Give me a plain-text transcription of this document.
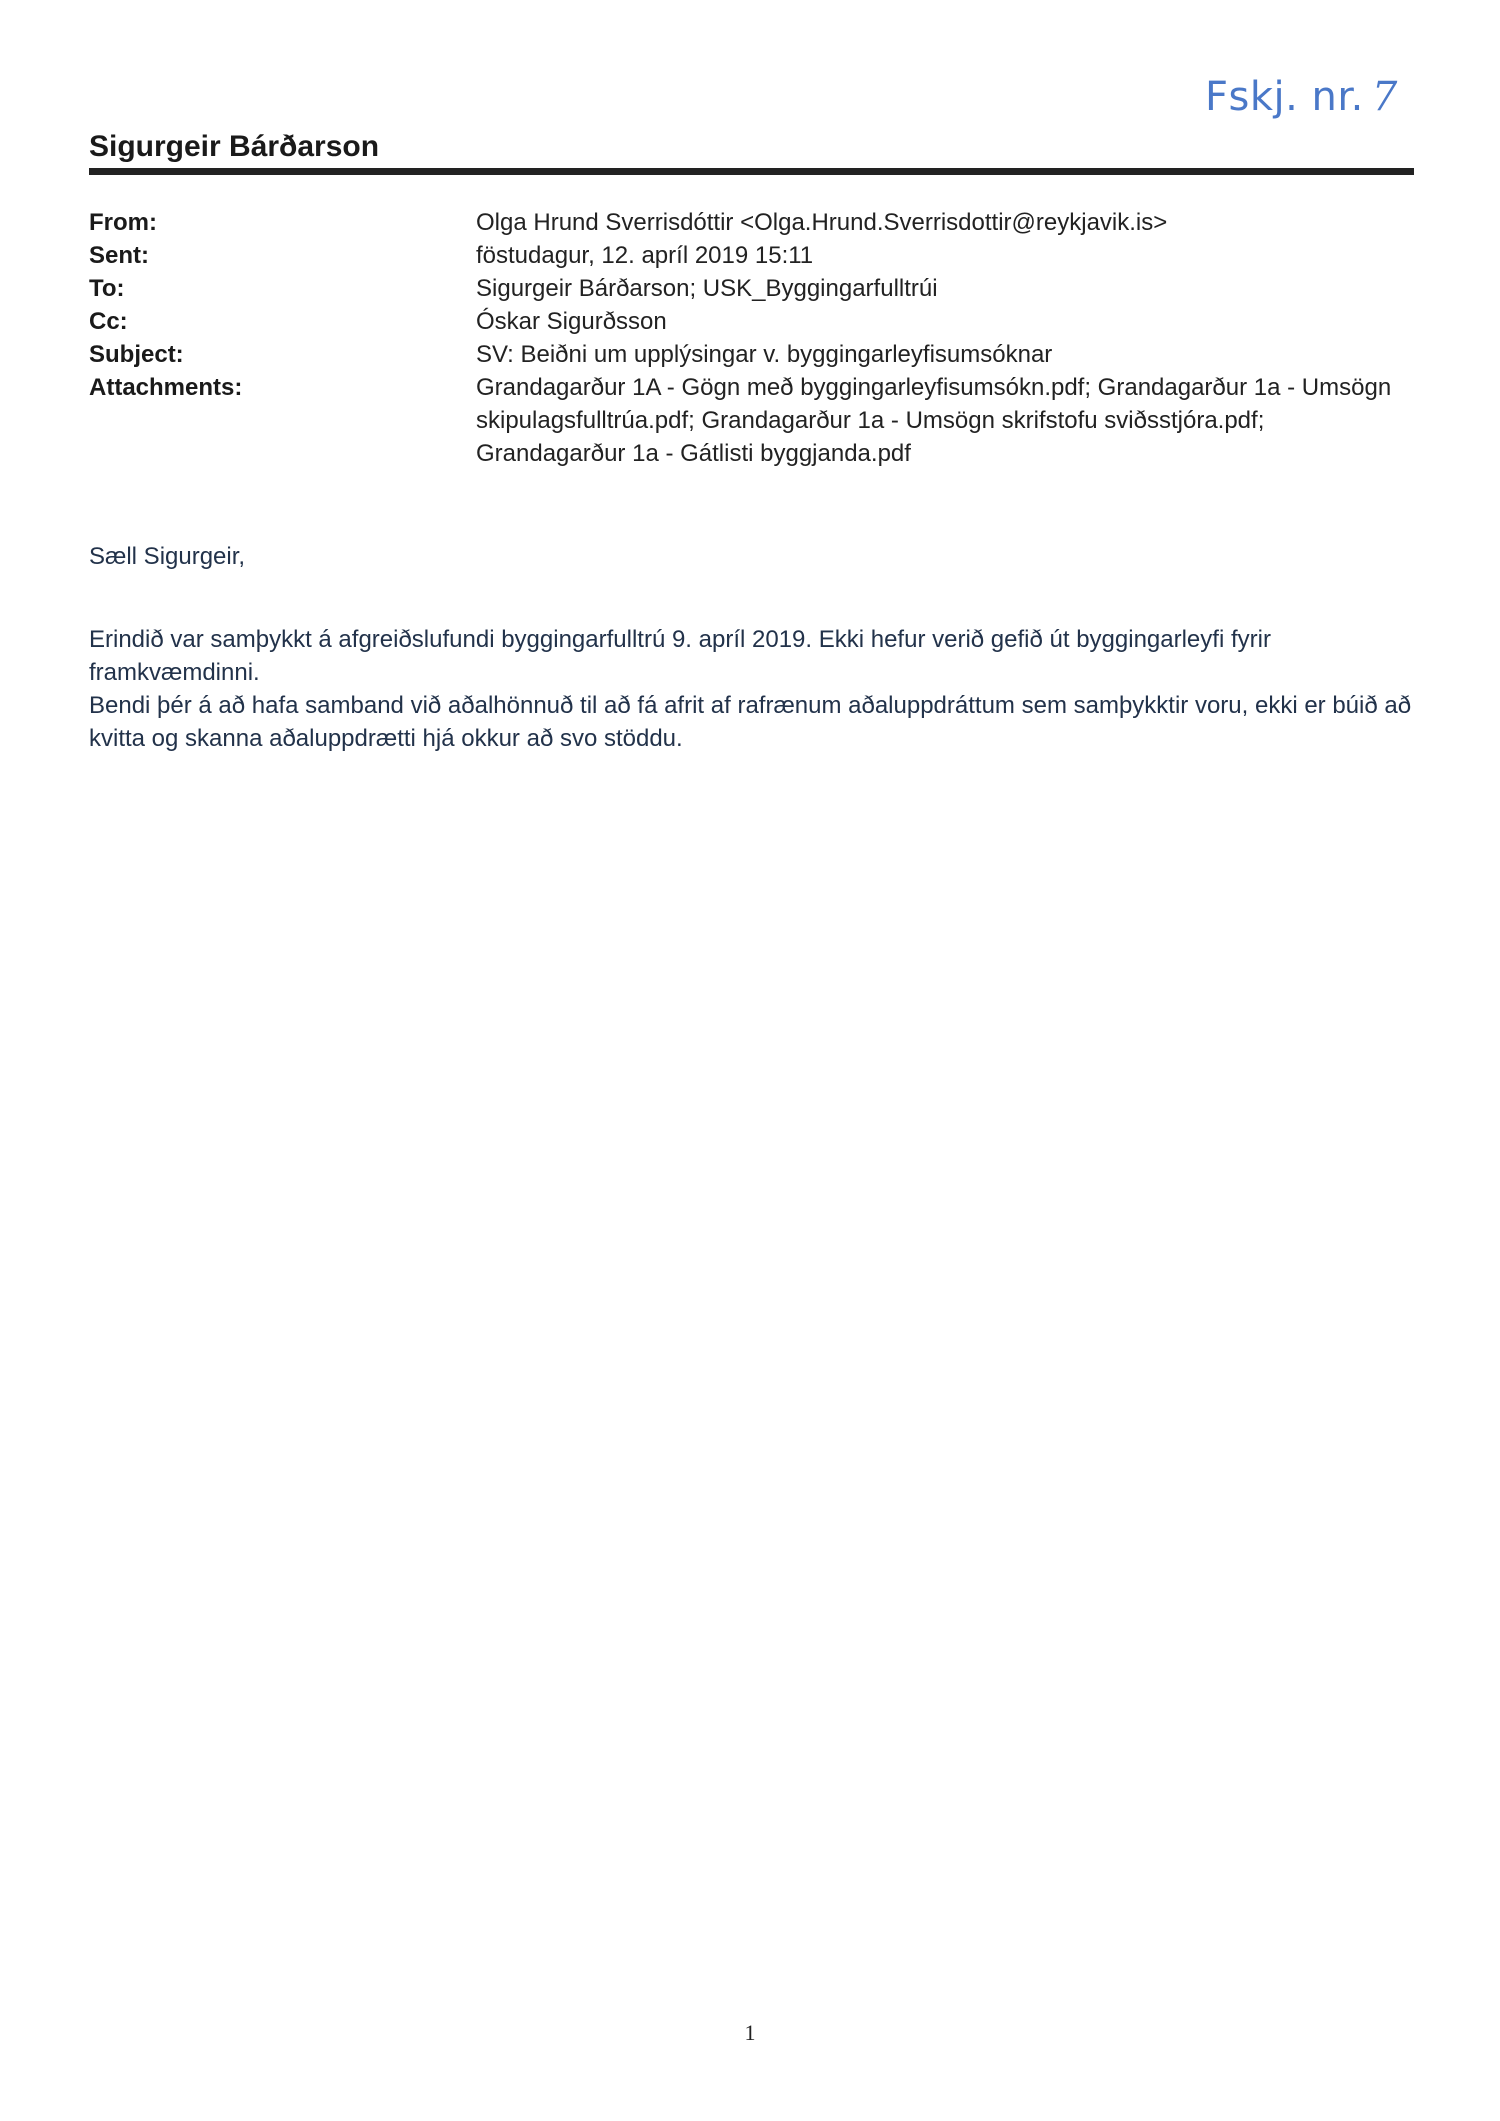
Fskj. nr. 7
Sigurgeir Bárðarson
From:	Olga Hrund Sverrisdóttir <Olga.Hrund.Sverrisdottir@reykjavik.is>
Sent:	föstudagur, 12. apríl 2019 15:11
To:	Sigurgeir Bárðarson; USK_Byggingarfulltrúi
Cc:	Óskar Sigurðsson
Subject:	SV: Beiðni um upplýsingar v. byggingarleyfisumsóknar
Attachments:	Grandagarður 1A - Gögn með byggingarleyfisumsókn.pdf; Grandagarður 1a - Umsögn skipulagsfulltrúa.pdf; Grandagarður 1a - Umsögn skrifstofu sviðsstjóra.pdf; Grandagarður 1a - Gátlisti byggjanda.pdf

Sæll Sigurgeir,

Erindið var samþykkt á afgreiðslufundi byggingarfulltrú 9. apríl 2019. Ekki hefur verið gefið út byggingarleyfi fyrir framkvæmdinni.

Bendi þér á að hafa samband við aðalhönnuð til að fá afrit af rafrænum aðaluppdráttum sem samþykktir voru, ekki er búið að kvitta og skanna aðaluppdrætti hjá okkur að svo stöddu.

1
